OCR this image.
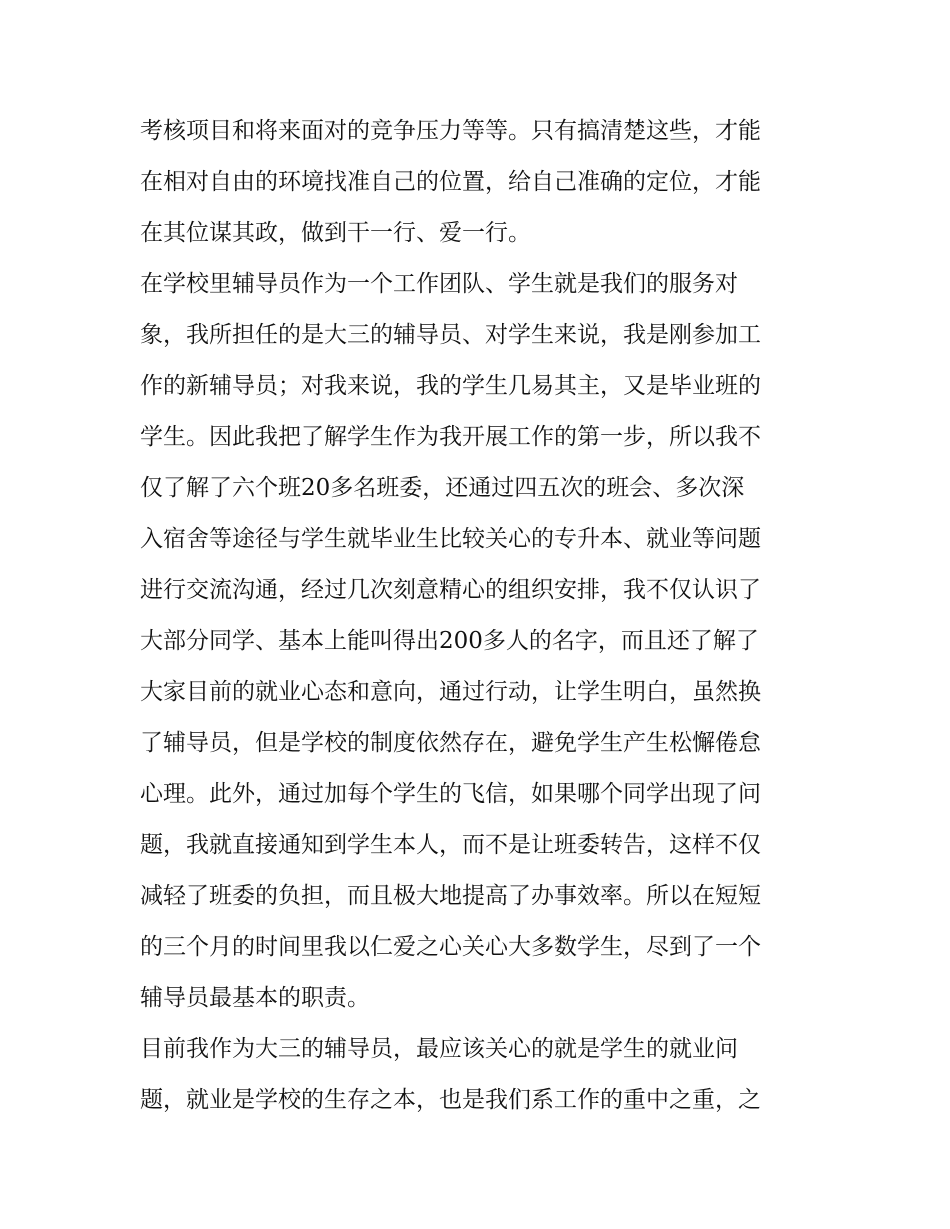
考核项目和将来面对的竞争压力等等。只有搞清楚这些，才能
在相对自由的环境找准自己的位置，给自己准确的定位，才能
在其位谋其政，做到干一行、爱一行。
在学校里辅导员作为一个工作团队、学生就是我们的服务对
象，我所担任的是大三的辅导员、对学生来说，我是刚参加工
作的新辅导员；对我来说，我的学生几易其主，又是毕业班的
学生。因此我把了解学生作为我开展工作的第一步，所以我不
仅了解了六个班20多名班委，还通过四五次的班会、多次深
入宿舍等途径与学生就毕业生比较关心的专升本、就业等问题
进行交流沟通，经过几次刻意精心的组织安排，我不仅认识了
大部分同学、基本上能叫得出200多人的名字，而且还了解了
大家目前的就业心态和意向，通过行动，让学生明白，虽然换
了辅导员，但是学校的制度依然存在，避免学生产生松懈倦怠
心理。此外，通过加每个学生的飞信，如果哪个同学出现了问
题，我就直接通知到学生本人，而不是让班委转告，这样不仅
减轻了班委的负担，而且极大地提高了办事效率。所以在短短
的三个月的时间里我以仁爱之心关心大多数学生，尽到了一个
辅导员最基本的职责。
目前我作为大三的辅导员，最应该关心的就是学生的就业问
题，就业是学校的生存之本，也是我们系工作的重中之重，之
